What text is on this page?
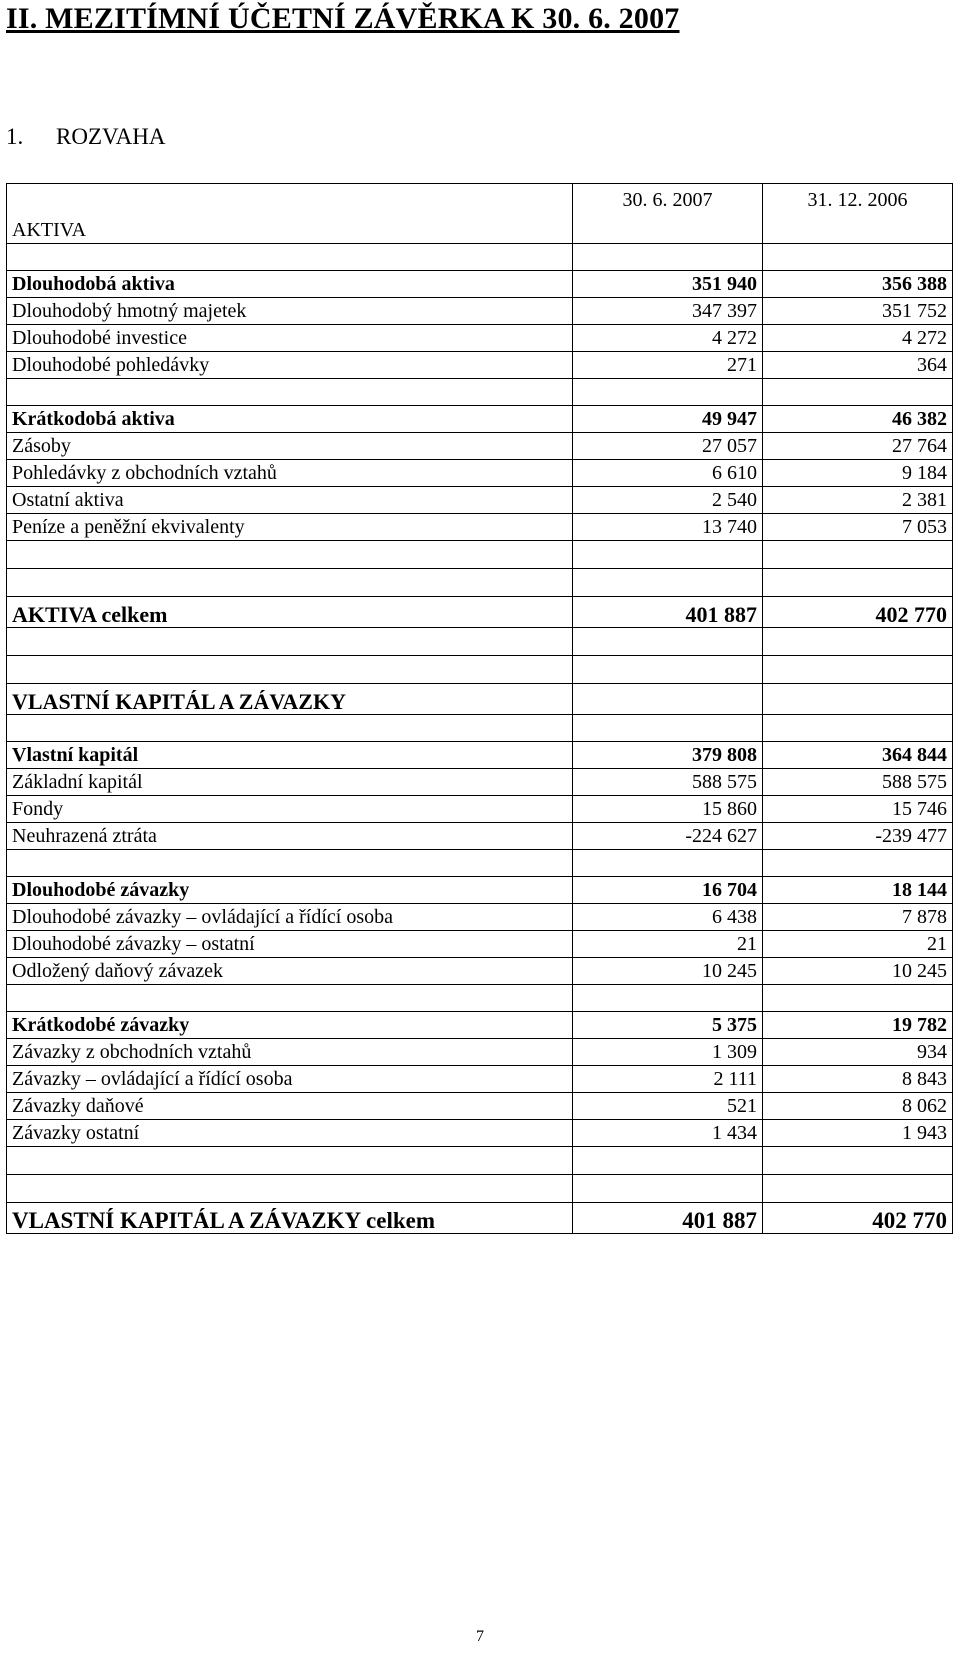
II. MEZITÍMNÍ ÚČETNÍ ZÁVĚRKA K 30. 6. 2007
1. ROZVAHA
AKTIVA	30. 6. 2007	31. 12. 2006

Dlouhodobá aktiva	351 940	356 388
Dlouhodobý hmotný majetek	347 397	351 752
Dlouhodobé investice	4 272	4 272
Dlouhodobé pohledávky	271	364

Krátkodobá aktiva	49 947	46 382
Zásoby	27 057	27 764
Pohledávky z obchodních vztahů	6 610	9 184
Ostatní aktiva	2 540	2 381
Peníze a peněžní ekvivalenty	13 740	7 053

AKTIVA celkem	401 887	402 770

VLASTNÍ KAPITÁL A ZÁVAZKY		

Vlastní kapitál	379 808	364 844
Základní kapitál	588 575	588 575
Fondy	15 860	15 746
Neuhrazená ztráta	-224 627	-239 477

Dlouhodobé závazky	16 704	18 144
Dlouhodobé závazky – ovládající a řídící osoba	6 438	7 878
Dlouhodobé závazky – ostatní	21	21
Odložený daňový závazek	10 245	10 245

Krátkodobé závazky	5 375	19 782
Závazky z obchodních vztahů	1 309	934
Závazky – ovládající a řídící osoba	2 111	8 843
Závazky daňové	521	8 062
Závazky ostatní	1 434	1 943

VLASTNÍ KAPITÁL A ZÁVAZKY celkem	401 887	402 770
7
